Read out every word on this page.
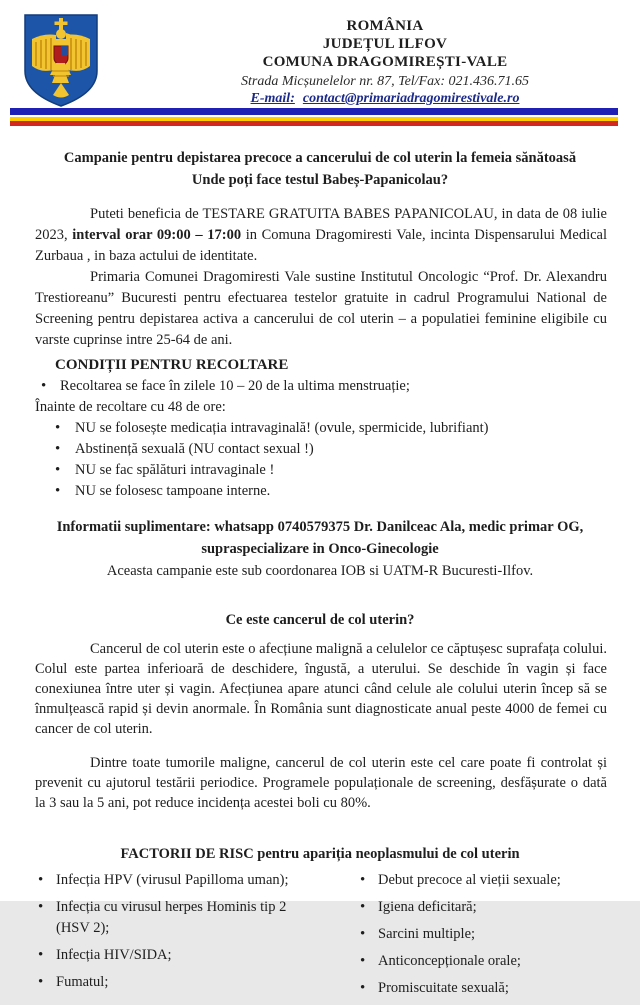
ROMÂNIA
JUDEȚUL ILFOV
COMUNA DRAGOMIREȘTI-VALE
Strada Micșunelelor nr. 87, Tel/Fax: 021.436.71.65
E-mail: contact@primariadragomirestivale.ro
Campanie pentru depistarea precoce a cancerului de col uterin la femeia sănătoasă
Unde poți face testul Babeș-Papanicolau?

Puteti beneficia de TESTARE GRATUITA BABES PAPANICOLAU, in data de 08 iulie 2023, interval orar 09:00 – 17:00 in Comuna Dragomiresti Vale, incinta Dispensarului Medical Zurbaua , in baza actului de identitate.

Primaria Comunei Dragomiresti Vale sustine Institutul Oncologic “Prof. Dr. Alexandru Trestioreanu” Bucuresti pentru efectuarea testelor gratuite in cadrul Programului National de Screening pentru depistarea activa a cancerului de col uterin – a populatiei feminine eligibile cu varste cuprinse intre 25-64 de ani.

CONDIȚII PENTRU RECOLTARE
• Recoltarea se face în zilele 10 – 20 de la ultima menstruație;
Înainte de recoltare cu 48 de ore:
• NU se folosește medicația intravaginală! (ovule, spermicide, lubrifiant)
• Abstinență sexuală (NU contact sexual !)
• NU se fac spălături intravaginale !
• NU se folosesc tampoane interne.
Informatii suplimentare: whatsapp 0740579375 Dr. Danilceac Ala, medic primar OG,
supraspecializare in Onco-Ginecologie
Aceasta campanie este sub coordonarea IOB si UATM-R Bucuresti-Ilfov.
Ce este cancerul de col uterin?

Cancerul de col uterin este o afecțiune malignă a celulelor ce căptușesc suprafața colului. Colul este partea inferioară de deschidere, îngustă, a uterului. Se deschide în vagin și face conexiunea între uter și vagin. Afecțiunea apare atunci când celule ale colului uterin încep să se înmulțească rapid și devin anormale. În România sunt diagnosticate anual peste 4000 de femei cu cancer de col uterin.

Dintre toate tumorile maligne, cancerul de col uterin este cel care poate fi controlat și prevenit cu ajutorul testării periodice. Programele populaționale de screening, desfășurate o dată la 3 sau la 5 ani, pot reduce incidența acestei boli cu 80%.

FACTORII DE RISC pentru apariția neoplasmului de col uterin
• Infecția HPV (virusul Papilloma uman);
• Infecția cu virusul herpes Hominis tip 2 (HSV 2);
• Infecția HIV/SIDA;
• Fumatul;
• Debut precoce al vieții sexuale;
• Igiena deficitară;
• Sarcini multiple;
• Anticoncepționale orale;
• Promiscuitate sexuală;
